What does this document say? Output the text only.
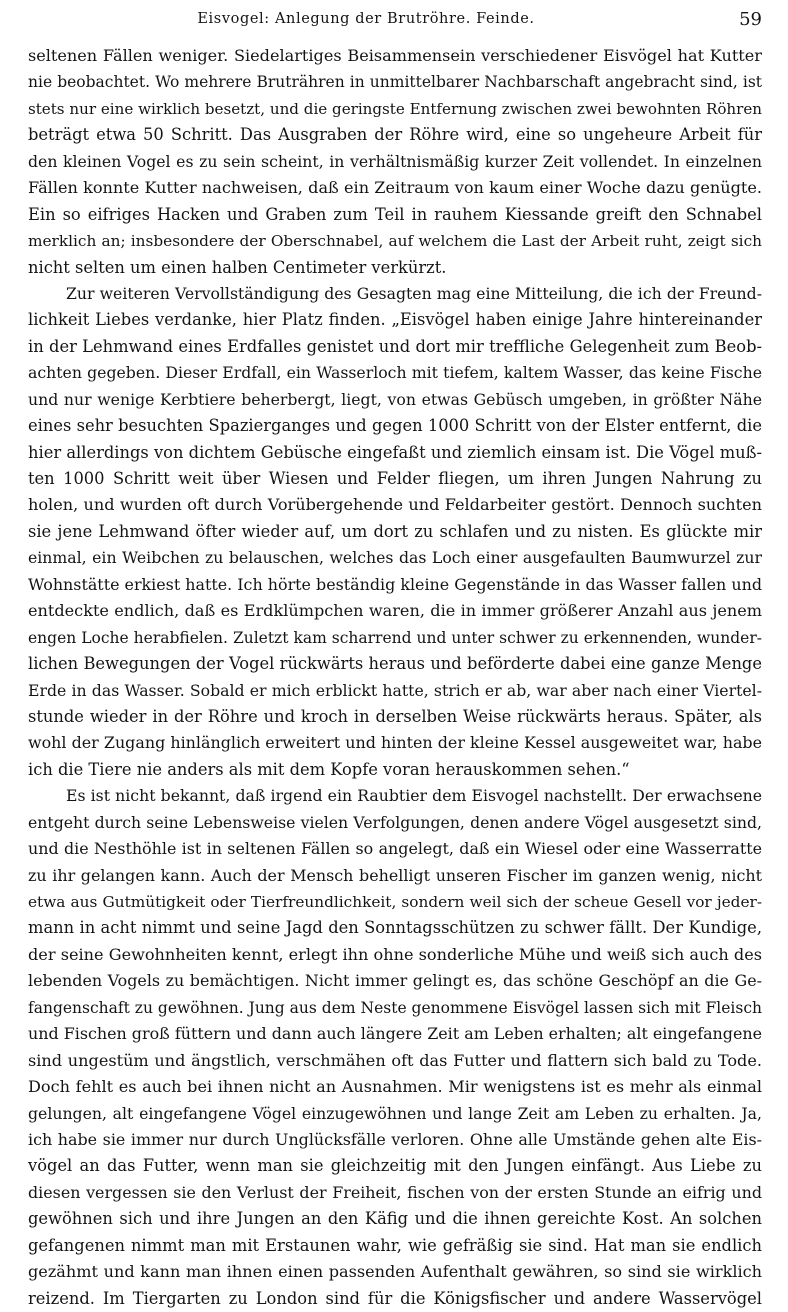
Eisvogel: Anlegung der Brutröhre. Feinde.	59
seltenen Fällen weniger. Siedelartiges Beisammensein verschiedener Eisvögel hat Kutter
nie beobachtet. Wo mehrere Bruträhren in unmittelbarer Nachbarschaft angebracht sind, ist
stets nur eine wirklich besetzt, und die geringste Entfernung zwischen zwei bewohnten Röhren
beträgt etwa 50 Schritt. Das Ausgraben der Röhre wird, eine so ungeheure Arbeit für
den kleinen Vogel es zu sein scheint, in verhältnismäßig kurzer Zeit vollendet. In einzelnen
Fällen konnte Kutter nachweisen, daß ein Zeitraum von kaum einer Woche dazu genügte.
Ein so eifriges Hacken und Graben zum Teil in rauhem Kiessande greift den Schnabel
merklich an; insbesondere der Oberschnabel, auf welchem die Last der Arbeit ruht, zeigt sich
nicht selten um einen halben Centimeter verkürzt.
Zur weiteren Vervollständigung des Gesagten mag eine Mitteilung, die ich der Freund-
lichkeit Liebes verdanke, hier Platz finden. „Eisvögel haben einige Jahre hintereinander
in der Lehmwand eines Erdfalles genistet und dort mir treffliche Gelegenheit zum Beob-
achten gegeben. Dieser Erdfall, ein Wasserloch mit tiefem, kaltem Wasser, das keine Fische
und nur wenige Kerbtiere beherbergt, liegt, von etwas Gebüsch umgeben, in größter Nähe
eines sehr besuchten Spazierganges und gegen 1000 Schritt von der Elster entfernt, die
hier allerdings von dichtem Gebüsche eingefaßt und ziemlich einsam ist. Die Vögel muß-
ten 1000 Schritt weit über Wiesen und Felder fliegen, um ihren Jungen Nahrung zu
holen, und wurden oft durch Vorübergehende und Feldarbeiter gestört. Dennoch suchten
sie jene Lehmwand öfter wieder auf, um dort zu schlafen und zu nisten. Es glückte mir
einmal, ein Weibchen zu belauschen, welches das Loch einer ausgefaulten Baumwurzel zur
Wohnstätte erkiest hatte. Ich hörte beständig kleine Gegenstände in das Wasser fallen und
entdeckte endlich, daß es Erdklümpchen waren, die in immer größerer Anzahl aus jenem
engen Loche herabfielen. Zuletzt kam scharrend und unter schwer zu erkennenden, wunder-
lichen Bewegungen der Vogel rückwärts heraus und beförderte dabei eine ganze Menge
Erde in das Wasser. Sobald er mich erblickt hatte, strich er ab, war aber nach einer Viertel-
stunde wieder in der Röhre und kroch in derselben Weise rückwärts heraus. Später, als
wohl der Zugang hinlänglich erweitert und hinten der kleine Kessel ausgeweitet war, habe
ich die Tiere nie anders als mit dem Kopfe voran herauskommen sehen.“
Es ist nicht bekannt, daß irgend ein Raubtier dem Eisvogel nachstellt. Der erwachsene
entgeht durch seine Lebensweise vielen Verfolgungen, denen andere Vögel ausgesetzt sind,
und die Nesthöhle ist in seltenen Fällen so angelegt, daß ein Wiesel oder eine Wasserratte
zu ihr gelangen kann. Auch der Mensch behelligt unseren Fischer im ganzen wenig, nicht
etwa aus Gutmütigkeit oder Tierfreundlichkeit, sondern weil sich der scheue Gesell vor jeder-
mann in acht nimmt und seine Jagd den Sonntagsschützen zu schwer fällt. Der Kundige,
der seine Gewohnheiten kennt, erlegt ihn ohne sonderliche Mühe und weiß sich auch des
lebenden Vogels zu bemächtigen. Nicht immer gelingt es, das schöne Geschöpf an die Ge-
fangenschaft zu gewöhnen. Jung aus dem Neste genommene Eisvögel lassen sich mit Fleisch
und Fischen groß füttern und dann auch längere Zeit am Leben erhalten; alt eingefangene
sind ungestüm und ängstlich, verschmähen oft das Futter und flattern sich bald zu Tode.
Doch fehlt es auch bei ihnen nicht an Ausnahmen. Mir wenigstens ist es mehr als einmal
gelungen, alt eingefangene Vögel einzugewöhnen und lange Zeit am Leben zu erhalten. Ja,
ich habe sie immer nur durch Unglücksfälle verloren. Ohne alle Umstände gehen alte Eis-
vögel an das Futter, wenn man sie gleichzeitig mit den Jungen einfängt. Aus Liebe zu
diesen vergessen sie den Verlust der Freiheit, fischen von der ersten Stunde an eifrig und
gewöhnen sich und ihre Jungen an den Käfig und die ihnen gereichte Kost. An solchen
gefangenen nimmt man mit Erstaunen wahr, wie gefräßig sie sind. Hat man sie endlich
gezähmt und kann man ihnen einen passenden Aufenthalt gewähren, so sind sie wirklich
reizend. Im Tiergarten zu London sind für die Königsfischer und andere Wasservögel
